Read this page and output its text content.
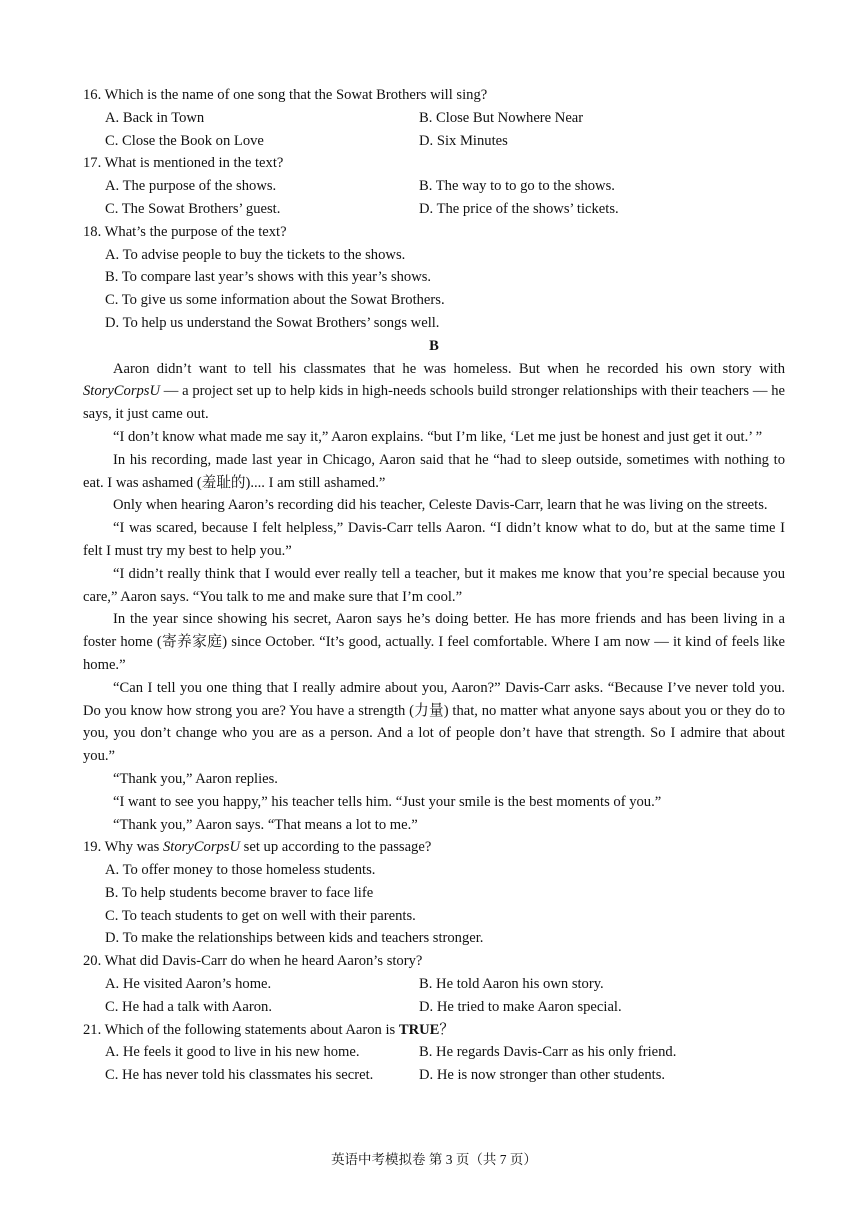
16. Which is the name of one song that the Sowat Brothers will sing?
A. Back in Town	B. Close But Nowhere Near
C. Close the Book on Love	D. Six Minutes
17. What is mentioned in the text?
A. The purpose of the shows.	B. The way to to go to the shows.
C. The Sowat Brothers’ guest.	D. The price of the shows’ tickets.
18. What’s the purpose of the text?
A. To advise people to buy the tickets to the shows.
B. To compare last year’s shows with this year’s shows.
C. To give us some information about the Sowat Brothers.
D. To help us understand the Sowat Brothers’ songs well.
B

Aaron didn’t want to tell his classmates that he was homeless. But when he recorded his own story with StoryCorpsU — a project set up to help kids in high-needs schools build stronger relationships with their teachers — he says, it just came out.

“I don’t know what made me say it,” Aaron explains. “but I’m like, ‘Let me just be honest and just get it out.’ ”

In his recording, made last year in Chicago, Aaron said that he “had to sleep outside, sometimes with nothing to eat. I was ashamed (羞耻的).... I am still ashamed.”

Only when hearing Aaron’s recording did his teacher, Celeste Davis-Carr, learn that he was living on the streets.

“I was scared, because I felt helpless,” Davis-Carr tells Aaron. “I didn’t know what to do, but at the same time I felt I must try my best to help you.”

“I didn’t really think that I would ever really tell a teacher, but it makes me know that you’re special because you care,” Aaron says. “You talk to me and make sure that I’m cool.”

In the year since showing his secret, Aaron says he’s doing better. He has more friends and has been living in a foster home (寄养家庭) since October. “It’s good, actually. I feel comfortable. Where I am now — it kind of feels like home.”

“Can I tell you one thing that I really admire about you, Aaron?” Davis-Carr asks. “Because I’ve never told you. Do you know how strong you are? You have a strength (力量) that, no matter what anyone says about you or they do to you, you don’t change who you are as a person. And a lot of people don’t have that strength. So I admire that about you.”

“Thank you,” Aaron replies.

“I want to see you happy,” his teacher tells him. “Just your smile is the best moments of you.”

“Thank you,” Aaron says. “That means a lot to me.”

19. Why was StoryCorpsU set up according to the passage?
A. To offer money to those homeless students.
B. To help students become braver to face life
C. To teach students to get on well with their parents.
D. To make the relationships between kids and teachers stronger.
20. What did Davis-Carr do when he heard Aaron’s story?
A. He visited Aaron’s home.	B. He told Aaron his own story.
C. He had a talk with Aaron.	D. He tried to make Aaron special.
21. Which of the following statements about Aaron is TRUE？
A. He feels it good to live in his new home.	B. He regards Davis-Carr as his only friend.
C. He has never told his classmates his secret.	D. He is now stronger than other students.
英语中考模拟卷 第 3 页（共 7 页）
